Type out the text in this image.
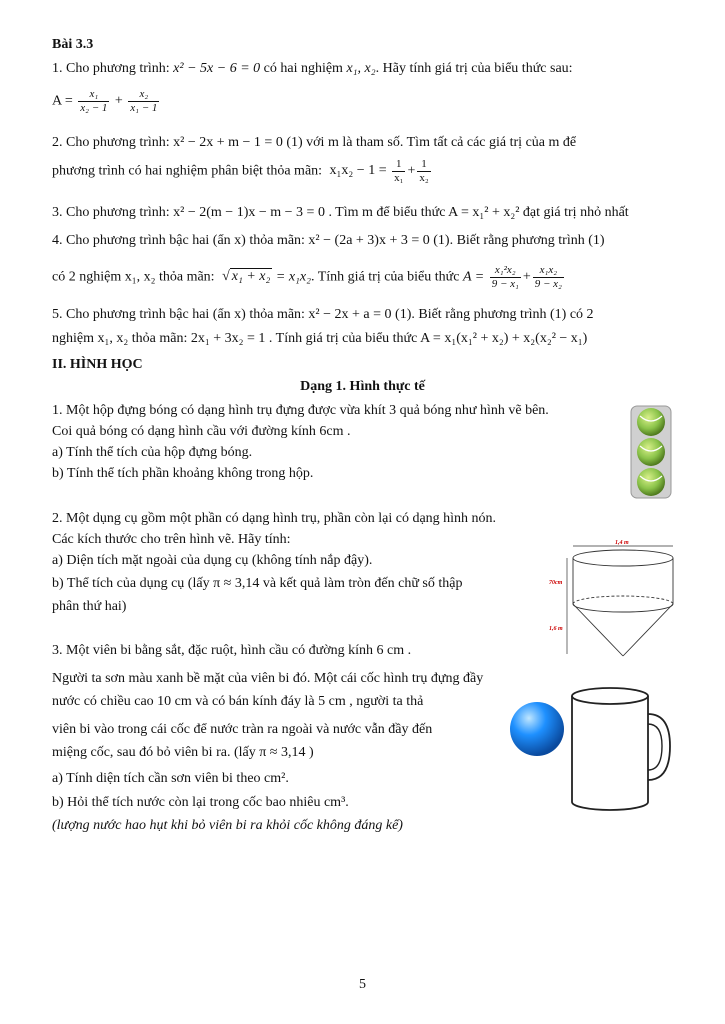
Bài 3.3
1. Cho phương trình: x² − 5x − 6 = 0 có hai nghiệm x₁, x₂. Hãy tính giá trị của biểu thức sau:
$A = \frac{\text{x₁}}{\text{x₂ − 1}} + \frac{\text{x₂}}{\text{x₁ − 1}}$
2. Cho phương trình: x² − 2x + m − 1 = 0 (1) với m là tham số. Tìm tất cả các giá trị của m để
phương trình có hai nghiệm phân biệt thỏa mãn: $x_1x_2 - 1 = \frac{1}{\text{x₁}} + \frac{1}{\text{x₂}}$
3. Cho phương trình: x² − 2(m − 1)x − m − 3 = 0 . Tìm m để biểu thức A = x₁² + x₂² đạt giá trị nhỏ nhất
4. Cho phương trình bậc hai (ẩn x) thỏa mãn: x² − (2a + 3)x + 3 = 0 (1). Biết rằng phương trình (1)
có 2 nghiệm x₁, x₂ thỏa mãn: √ x₁ + x₂ = x₁x₂. Tính giá trị của biểu thức $A = \frac{\text{x₁²x₂}}{\text{9 − x₁}} + \frac{\text{x₁x₂}}{\text{9 − x₂}}$
5. Cho phương trình bậc hai (ẩn x) thỏa mãn: x² − 2x + a = 0 (1). Biết rằng phương trình (1) có 2
nghiệm x₁, x₂ thỏa mãn: 2x₁ + 3x₂ = 1 . Tính giá trị của biểu thức A = x₁(x₁² + x₂) + x₂(x₂² − x₁)
II. HÌNH HỌC
Dạng 1. Hình thực tế
1. Một hộp đựng bóng có dạng hình trụ đựng được vừa khít 3 quả bóng như hình vẽ bên.
Coi quả bóng có dạng hình cầu với đường kính 6cm .
a) Tính thể tích của hộp đựng bóng.
b) Tính thể tích phần khoảng không trong hộp.
2. Một dụng cụ gồm một phần có dạng hình trụ, phần còn lại có dạng hình nón.
Các kích thước cho trên hình vẽ. Hãy tính:
a) Diện tích mặt ngoài của dụng cụ (không tính nắp đậy).
b) Thể tích của dụng cụ (lấy π ≈ 3,14 và kết quả làm tròn đến chữ số thập
phân thứ hai)
1,4 m
70cm
1,6 m
3. Một viên bi bằng sắt, đặc ruột, hình cầu có đường kính 6 cm .
Người ta sơn màu xanh bề mặt của viên bi đó. Một cái cốc hình trụ đựng đầy
nước có chiều cao 10 cm và có bán kính đáy là 5 cm , người ta thả
viên bi vào trong cái cốc để nước tràn ra ngoài và nước vẫn đầy đến
miệng cốc, sau đó bỏ viên bi ra. (lấy π ≈ 3,14 )
a) Tính diện tích cần sơn viên bi theo cm².
b) Hỏi thể tích nước còn lại trong cốc bao nhiêu cm³.
(lượng nước hao hụt khi bỏ viên bi ra khỏi cốc không đáng kể)
5
